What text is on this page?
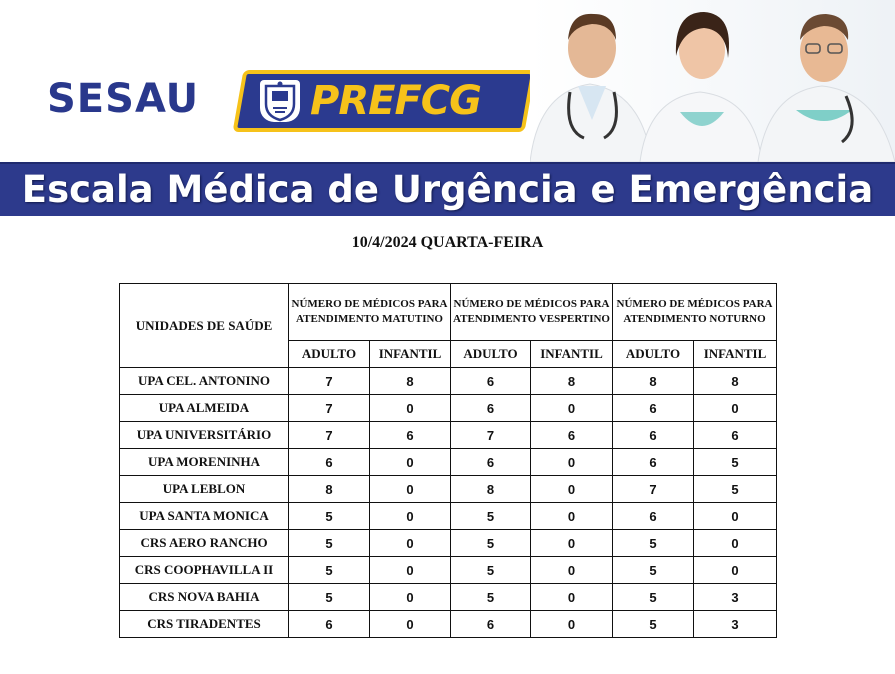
SESAU	PREFCG
Escala Médica de Urgência e Emergência
10/4/2024 QUARTA-FEIRA
UNIDADES DE SAÚDE	NÚMERO DE MÉDICOS PARA ATENDIMENTO MATUTINO		NÚMERO DE MÉDICOS PARA ATENDIMENTO VESPERTINO		NÚMERO DE MÉDICOS PARA ATENDIMENTO NOTURNO	
	ADULTO	INFANTIL	ADULTO	INFANTIL	ADULTO	INFANTIL
UPA CEL. ANTONINO	7	8	6	8	8	8
UPA ALMEIDA	7	0	6	0	6	0
UPA UNIVERSITÁRIO	7	6	7	6	6	6
UPA MORENINHA	6	0	6	0	6	5
UPA LEBLON	8	0	8	0	7	5
UPA SANTA MONICA	5	0	5	0	6	0
CRS AERO RANCHO	5	0	5	0	5	0
CRS COOPHAVILLA II	5	0	5	0	5	0
CRS NOVA BAHIA	5	0	5	0	5	3
CRS TIRADENTES	6	0	6	0	5	3
